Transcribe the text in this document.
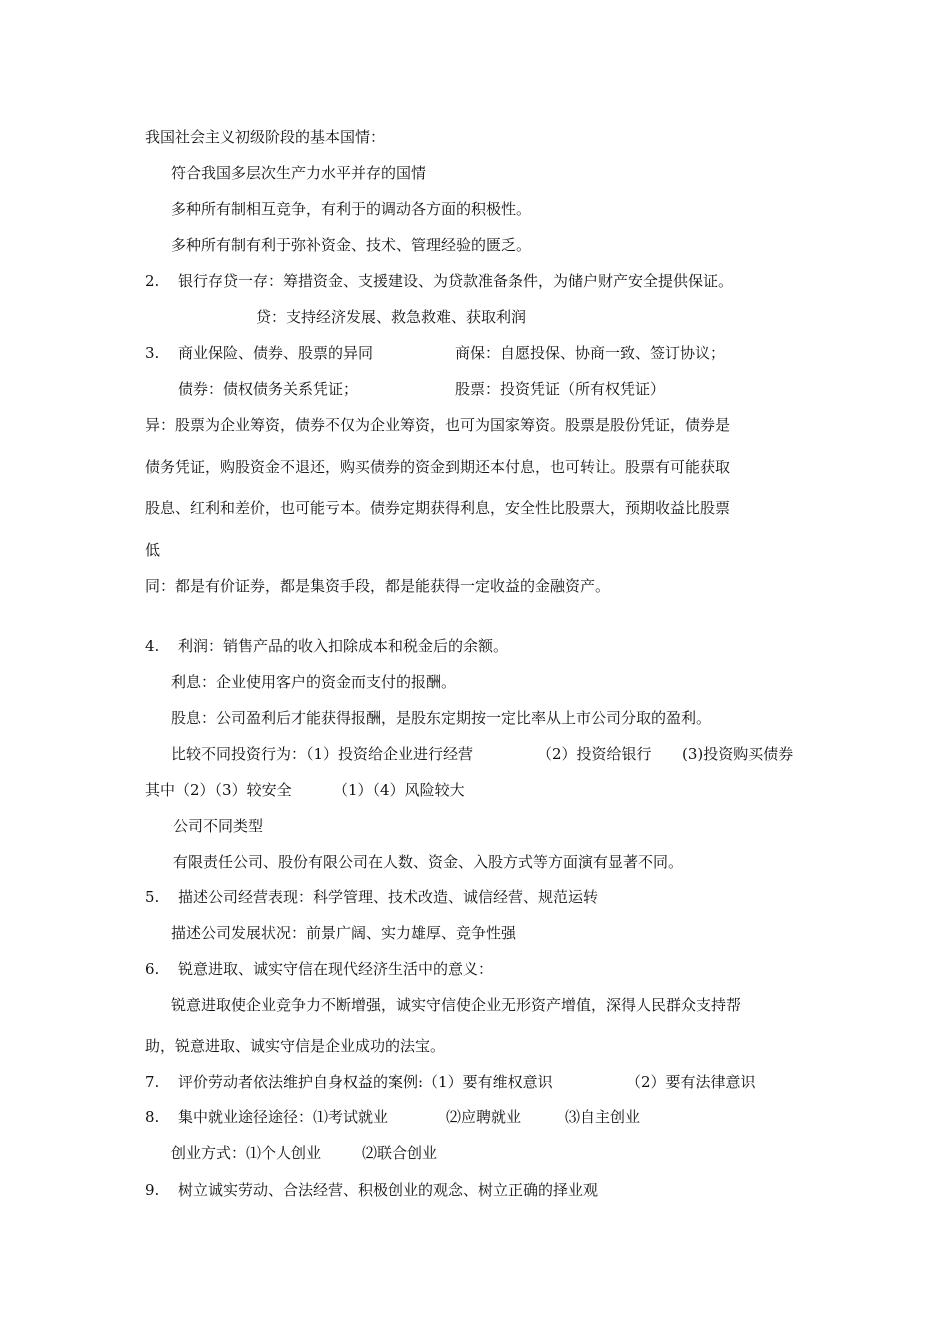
我国社会主义初级阶段的基本国情：
符合我国多层次生产力水平并存的国情
多种所有制相互竞争，有利于的调动各方面的积极性。
多种所有制有利于弥补资金、技术、管理经验的匮乏。
2. 银行存贷一存：筹措资金、支援建设、为贷款准备条件，为储户财产安全提供保证。
贷：支持经济发展、救急救难、获取利润
3. 商业保险、债券、股票的异同	商保：自愿投保、协商一致、签订协议；
债券：债权债务关系凭证；	股票：投资凭证（所有权凭证）
异：股票为企业筹资，债券不仅为企业筹资，也可为国家筹资。股票是股份凭证，债券是
债务凭证，购股资金不退还，购买债券的资金到期还本付息，也可转让。股票有可能获取
股息、红利和差价，也可能亏本。债券定期获得利息，安全性比股票大，预期收益比股票
低
同：都是有价证券，都是集资手段，都是能获得一定收益的金融资产。
4. 利润：销售产品的收入扣除成本和税金后的余额。
利息：企业使用客户的资金而支付的报酬。
股息：公司盈利后才能获得报酬，是股东定期按一定比率从上市公司分取的盈利。
比较不同投资行为：（1）投资给企业进行经营	（2）投资给银行 (3)投资购买债券
其中（2）（3）较安全	（1）（4）风险较大
公司不同类型
有限责任公司、股份有限公司在人数、资金、入股方式等方面演有显著不同。
5. 描述公司经营表现：科学管理、技术改造、诚信经营、规范运转
描述公司发展状况：前景广阔、实力雄厚、竞争性强
6. 锐意进取、诚实守信在现代经济生活中的意义：
锐意进取使企业竞争力不断增强，诚实守信使企业无形资产增值，深得人民群众支持帮
助，锐意进取、诚实守信是企业成功的法宝。
7. 评价劳动者依法维护自身权益的案例:（1）要有维权意识	（2）要有法律意识
8. 集中就业途径途径：⑴考试就业	⑵应聘就业	⑶自主创业
创业方式：⑴个人创业	⑵联合创业
9. 树立诚实劳动、合法经营、积极创业的观念、树立正确的择业观
